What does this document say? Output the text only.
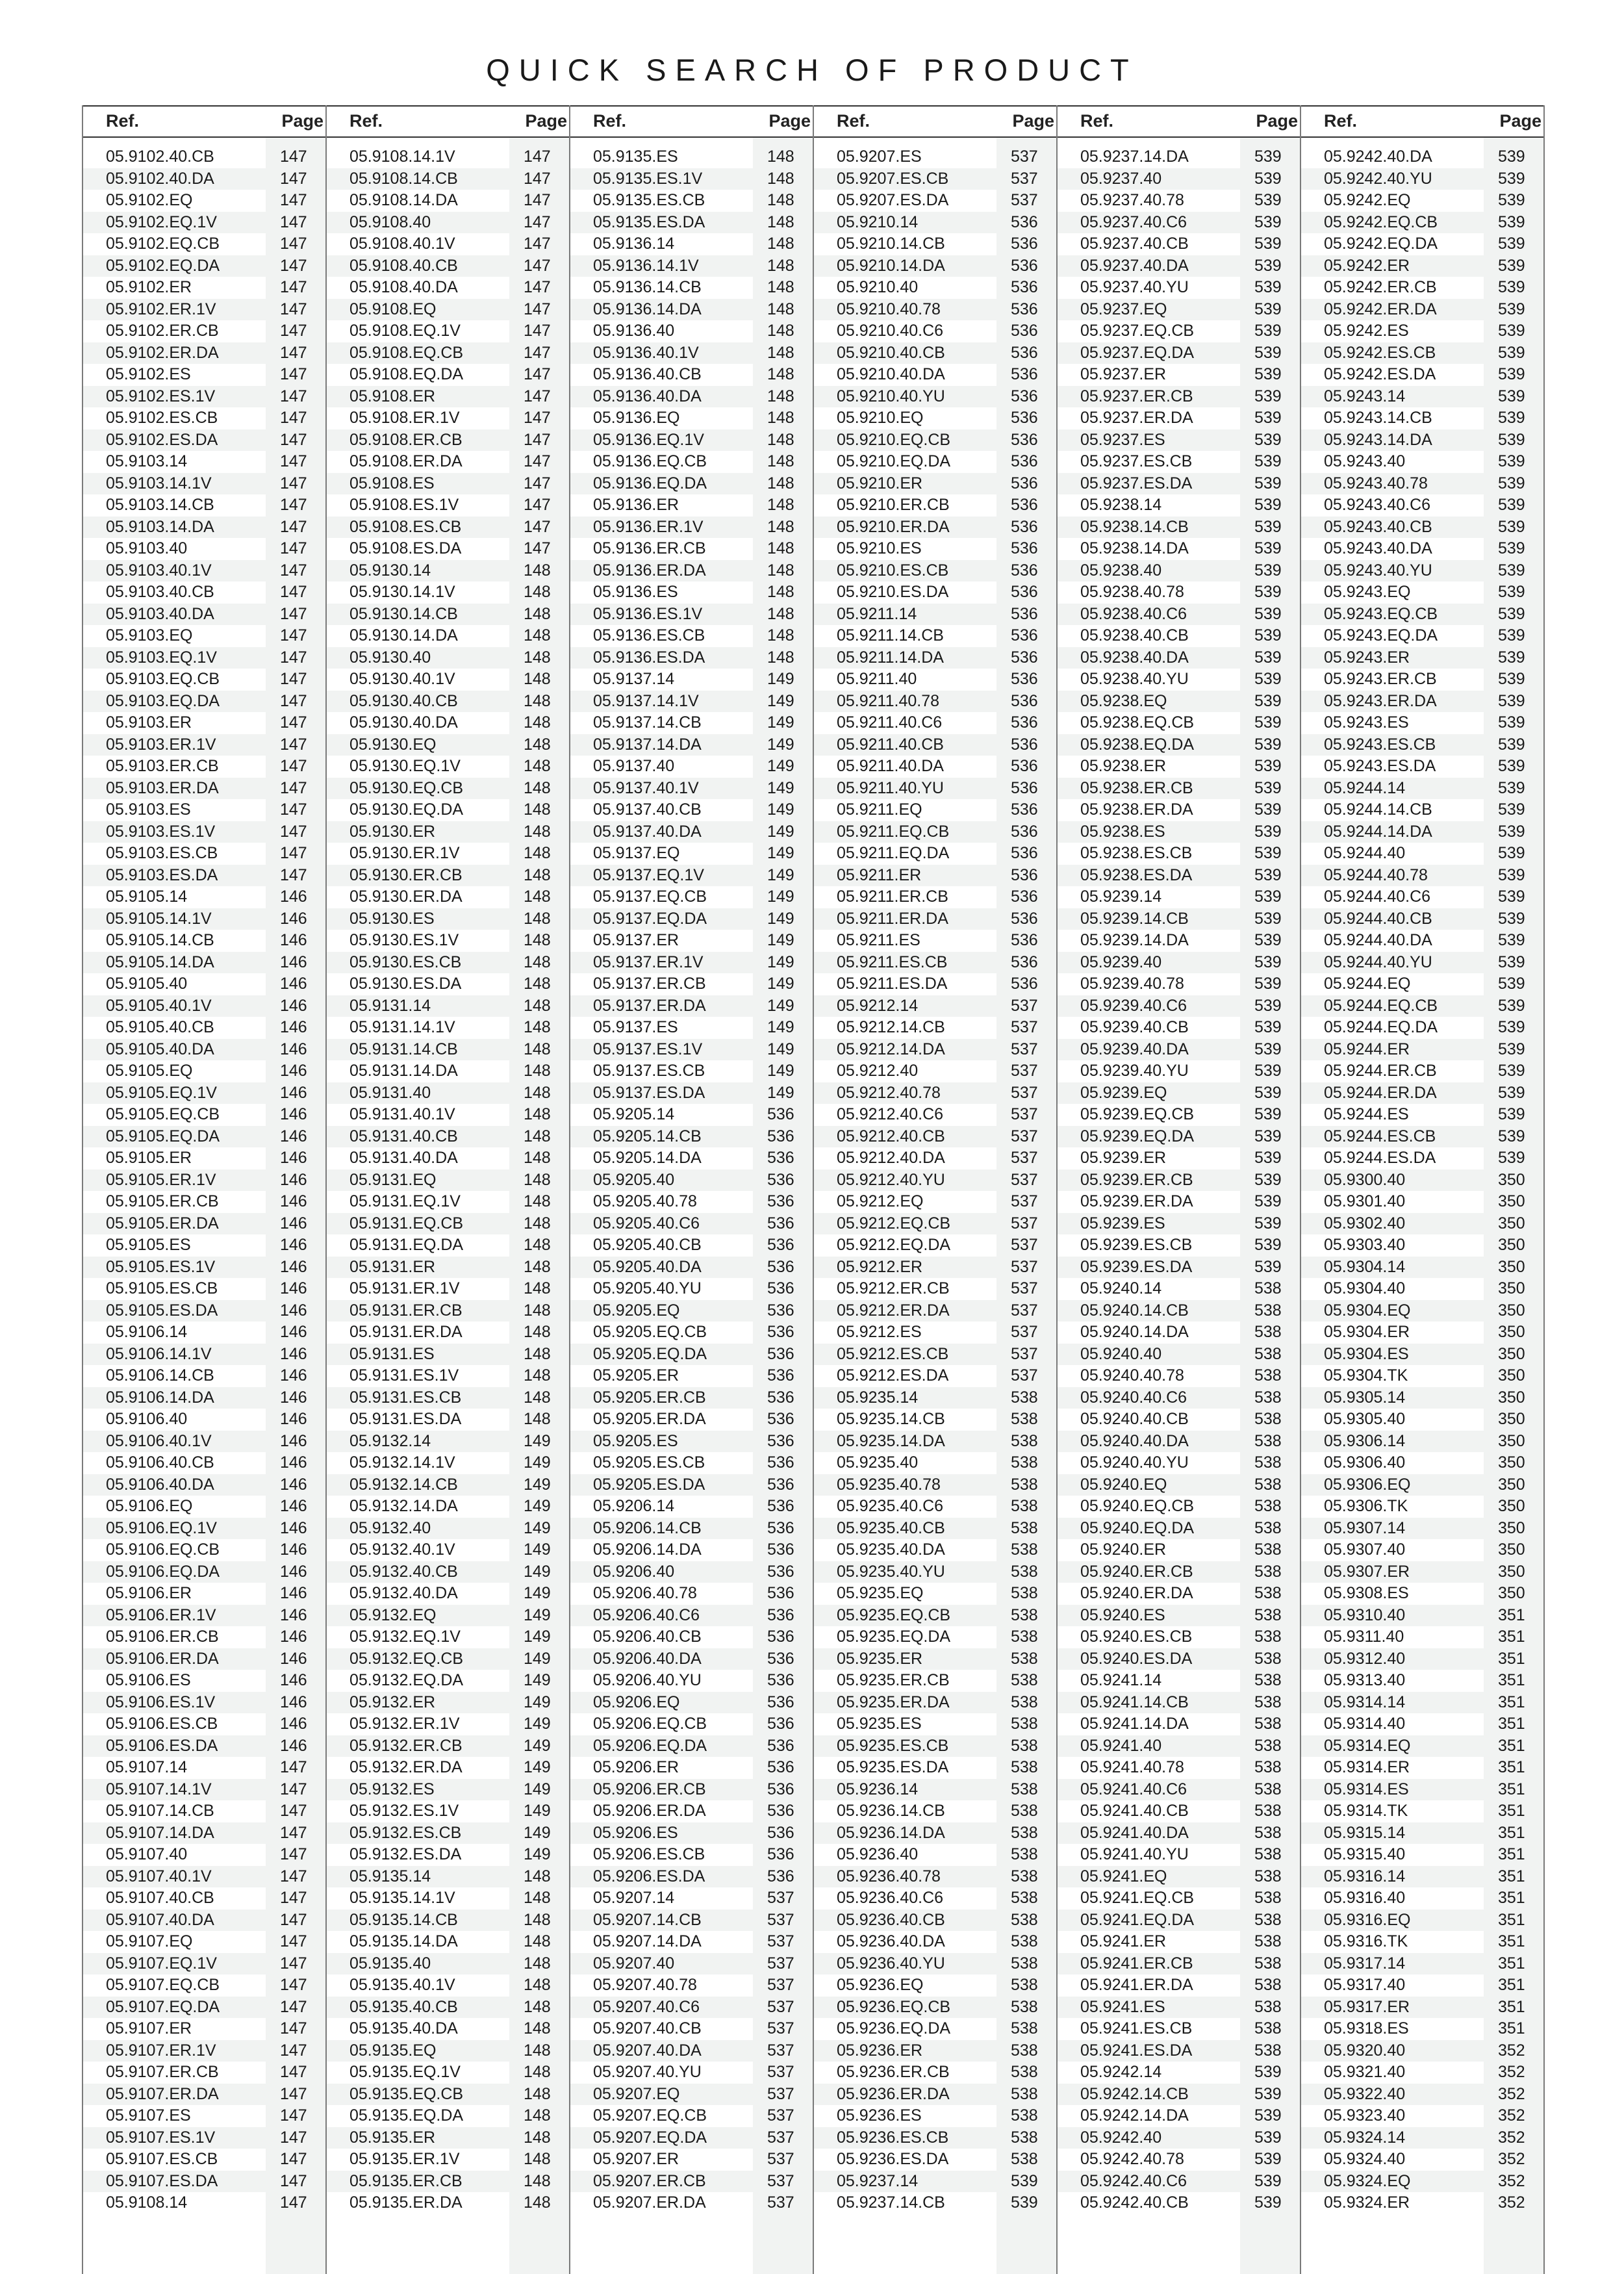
QUICK SEARCH OF PRODUCT
Ref.	Page
05.9102.40.CB	147
05.9102.40.DA	147
05.9102.EQ	147
05.9102.EQ.1V	147
05.9102.EQ.CB	147
05.9102.EQ.DA	147
05.9102.ER	147
05.9102.ER.1V	147
05.9102.ER.CB	147
05.9102.ER.DA	147
05.9102.ES	147
05.9102.ES.1V	147
05.9102.ES.CB	147
05.9102.ES.DA	147
05.9103.14	147
05.9103.14.1V	147
05.9103.14.CB	147
05.9103.14.DA	147
05.9103.40	147
05.9103.40.1V	147
05.9103.40.CB	147
05.9103.40.DA	147
05.9103.EQ	147
05.9103.EQ.1V	147
05.9103.EQ.CB	147
05.9103.EQ.DA	147
05.9103.ER	147
05.9103.ER.1V	147
05.9103.ER.CB	147
05.9103.ER.DA	147
05.9103.ES	147
05.9103.ES.1V	147
05.9103.ES.CB	147
05.9103.ES.DA	147
05.9105.14	146
05.9105.14.1V	146
05.9105.14.CB	146
05.9105.14.DA	146
05.9105.40	146
05.9105.40.1V	146
05.9105.40.CB	146
05.9105.40.DA	146
05.9105.EQ	146
05.9105.EQ.1V	146
05.9105.EQ.CB	146
05.9105.EQ.DA	146
05.9105.ER	146
05.9105.ER.1V	146
05.9105.ER.CB	146
05.9105.ER.DA	146
05.9105.ES	146
05.9105.ES.1V	146
05.9105.ES.CB	146
05.9105.ES.DA	146
05.9106.14	146
05.9106.14.1V	146
05.9106.14.CB	146
05.9106.14.DA	146
05.9106.40	146
05.9106.40.1V	146
05.9106.40.CB	146
05.9106.40.DA	146
05.9106.EQ	146
05.9106.EQ.1V	146
05.9106.EQ.CB	146
05.9106.EQ.DA	146
05.9106.ER	146
05.9106.ER.1V	146
05.9106.ER.CB	146
05.9106.ER.DA	146
05.9106.ES	146
05.9106.ES.1V	146
05.9106.ES.CB	146
05.9106.ES.DA	146
05.9107.14	147
05.9107.14.1V	147
05.9107.14.CB	147
05.9107.14.DA	147
05.9107.40	147
05.9107.40.1V	147
05.9107.40.CB	147
05.9107.40.DA	147
05.9107.EQ	147
05.9107.EQ.1V	147
05.9107.EQ.CB	147
05.9107.EQ.DA	147
05.9107.ER	147
05.9107.ER.1V	147
05.9107.ER.CB	147
05.9107.ER.DA	147
05.9107.ES	147
05.9107.ES.1V	147
05.9107.ES.CB	147
05.9107.ES.DA	147
05.9108.14	147
Ref.	Page
05.9108.14.1V	147
05.9108.14.CB	147
05.9108.14.DA	147
05.9108.40	147
05.9108.40.1V	147
05.9108.40.CB	147
05.9108.40.DA	147
05.9108.EQ	147
05.9108.EQ.1V	147
05.9108.EQ.CB	147
05.9108.EQ.DA	147
05.9108.ER	147
05.9108.ER.1V	147
05.9108.ER.CB	147
05.9108.ER.DA	147
05.9108.ES	147
05.9108.ES.1V	147
05.9108.ES.CB	147
05.9108.ES.DA	147
05.9130.14	148
05.9130.14.1V	148
05.9130.14.CB	148
05.9130.14.DA	148
05.9130.40	148
05.9130.40.1V	148
05.9130.40.CB	148
05.9130.40.DA	148
05.9130.EQ	148
05.9130.EQ.1V	148
05.9130.EQ.CB	148
05.9130.EQ.DA	148
05.9130.ER	148
05.9130.ER.1V	148
05.9130.ER.CB	148
05.9130.ER.DA	148
05.9130.ES	148
05.9130.ES.1V	148
05.9130.ES.CB	148
05.9130.ES.DA	148
05.9131.14	148
05.9131.14.1V	148
05.9131.14.CB	148
05.9131.14.DA	148
05.9131.40	148
05.9131.40.1V	148
05.9131.40.CB	148
05.9131.40.DA	148
05.9131.EQ	148
05.9131.EQ.1V	148
05.9131.EQ.CB	148
05.9131.EQ.DA	148
05.9131.ER	148
05.9131.ER.1V	148
05.9131.ER.CB	148
05.9131.ER.DA	148
05.9131.ES	148
05.9131.ES.1V	148
05.9131.ES.CB	148
05.9131.ES.DA	148
05.9132.14	149
05.9132.14.1V	149
05.9132.14.CB	149
05.9132.14.DA	149
05.9132.40	149
05.9132.40.1V	149
05.9132.40.CB	149
05.9132.40.DA	149
05.9132.EQ	149
05.9132.EQ.1V	149
05.9132.EQ.CB	149
05.9132.EQ.DA	149
05.9132.ER	149
05.9132.ER.1V	149
05.9132.ER.CB	149
05.9132.ER.DA	149
05.9132.ES	149
05.9132.ES.1V	149
05.9132.ES.CB	149
05.9132.ES.DA	149
05.9135.14	148
05.9135.14.1V	148
05.9135.14.CB	148
05.9135.14.DA	148
05.9135.40	148
05.9135.40.1V	148
05.9135.40.CB	148
05.9135.40.DA	148
05.9135.EQ	148
05.9135.EQ.1V	148
05.9135.EQ.CB	148
05.9135.EQ.DA	148
05.9135.ER	148
05.9135.ER.1V	148
05.9135.ER.CB	148
05.9135.ER.DA	148
Ref.	Page
05.9135.ES	148
05.9135.ES.1V	148
05.9135.ES.CB	148
05.9135.ES.DA	148
05.9136.14	148
05.9136.14.1V	148
05.9136.14.CB	148
05.9136.14.DA	148
05.9136.40	148
05.9136.40.1V	148
05.9136.40.CB	148
05.9136.40.DA	148
05.9136.EQ	148
05.9136.EQ.1V	148
05.9136.EQ.CB	148
05.9136.EQ.DA	148
05.9136.ER	148
05.9136.ER.1V	148
05.9136.ER.CB	148
05.9136.ER.DA	148
05.9136.ES	148
05.9136.ES.1V	148
05.9136.ES.CB	148
05.9136.ES.DA	148
05.9137.14	149
05.9137.14.1V	149
05.9137.14.CB	149
05.9137.14.DA	149
05.9137.40	149
05.9137.40.1V	149
05.9137.40.CB	149
05.9137.40.DA	149
05.9137.EQ	149
05.9137.EQ.1V	149
05.9137.EQ.CB	149
05.9137.EQ.DA	149
05.9137.ER	149
05.9137.ER.1V	149
05.9137.ER.CB	149
05.9137.ER.DA	149
05.9137.ES	149
05.9137.ES.1V	149
05.9137.ES.CB	149
05.9137.ES.DA	149
05.9205.14	536
05.9205.14.CB	536
05.9205.14.DA	536
05.9205.40	536
05.9205.40.78	536
05.9205.40.C6	536
05.9205.40.CB	536
05.9205.40.DA	536
05.9205.40.YU	536
05.9205.EQ	536
05.9205.EQ.CB	536
05.9205.EQ.DA	536
05.9205.ER	536
05.9205.ER.CB	536
05.9205.ER.DA	536
05.9205.ES	536
05.9205.ES.CB	536
05.9205.ES.DA	536
05.9206.14	536
05.9206.14.CB	536
05.9206.14.DA	536
05.9206.40	536
05.9206.40.78	536
05.9206.40.C6	536
05.9206.40.CB	536
05.9206.40.DA	536
05.9206.40.YU	536
05.9206.EQ	536
05.9206.EQ.CB	536
05.9206.EQ.DA	536
05.9206.ER	536
05.9206.ER.CB	536
05.9206.ER.DA	536
05.9206.ES	536
05.9206.ES.CB	536
05.9206.ES.DA	536
05.9207.14	537
05.9207.14.CB	537
05.9207.14.DA	537
05.9207.40	537
05.9207.40.78	537
05.9207.40.C6	537
05.9207.40.CB	537
05.9207.40.DA	537
05.9207.40.YU	537
05.9207.EQ	537
05.9207.EQ.CB	537
05.9207.EQ.DA	537
05.9207.ER	537
05.9207.ER.CB	537
05.9207.ER.DA	537
Ref.	Page
05.9207.ES	537
05.9207.ES.CB	537
05.9207.ES.DA	537
05.9210.14	536
05.9210.14.CB	536
05.9210.14.DA	536
05.9210.40	536
05.9210.40.78	536
05.9210.40.C6	536
05.9210.40.CB	536
05.9210.40.DA	536
05.9210.40.YU	536
05.9210.EQ	536
05.9210.EQ.CB	536
05.9210.EQ.DA	536
05.9210.ER	536
05.9210.ER.CB	536
05.9210.ER.DA	536
05.9210.ES	536
05.9210.ES.CB	536
05.9210.ES.DA	536
05.9211.14	536
05.9211.14.CB	536
05.9211.14.DA	536
05.9211.40	536
05.9211.40.78	536
05.9211.40.C6	536
05.9211.40.CB	536
05.9211.40.DA	536
05.9211.40.YU	536
05.9211.EQ	536
05.9211.EQ.CB	536
05.9211.EQ.DA	536
05.9211.ER	536
05.9211.ER.CB	536
05.9211.ER.DA	536
05.9211.ES	536
05.9211.ES.CB	536
05.9211.ES.DA	536
05.9212.14	537
05.9212.14.CB	537
05.9212.14.DA	537
05.9212.40	537
05.9212.40.78	537
05.9212.40.C6	537
05.9212.40.CB	537
05.9212.40.DA	537
05.9212.40.YU	537
05.9212.EQ	537
05.9212.EQ.CB	537
05.9212.EQ.DA	537
05.9212.ER	537
05.9212.ER.CB	537
05.9212.ER.DA	537
05.9212.ES	537
05.9212.ES.CB	537
05.9212.ES.DA	537
05.9235.14	538
05.9235.14.CB	538
05.9235.14.DA	538
05.9235.40	538
05.9235.40.78	538
05.9235.40.C6	538
05.9235.40.CB	538
05.9235.40.DA	538
05.9235.40.YU	538
05.9235.EQ	538
05.9235.EQ.CB	538
05.9235.EQ.DA	538
05.9235.ER	538
05.9235.ER.CB	538
05.9235.ER.DA	538
05.9235.ES	538
05.9235.ES.CB	538
05.9235.ES.DA	538
05.9236.14	538
05.9236.14.CB	538
05.9236.14.DA	538
05.9236.40	538
05.9236.40.78	538
05.9236.40.C6	538
05.9236.40.CB	538
05.9236.40.DA	538
05.9236.40.YU	538
05.9236.EQ	538
05.9236.EQ.CB	538
05.9236.EQ.DA	538
05.9236.ER	538
05.9236.ER.CB	538
05.9236.ER.DA	538
05.9236.ES	538
05.9236.ES.CB	538
05.9236.ES.DA	538
05.9237.14	539
05.9237.14.CB	539
Ref.	Page
05.9237.14.DA	539
05.9237.40	539
05.9237.40.78	539
05.9237.40.C6	539
05.9237.40.CB	539
05.9237.40.DA	539
05.9237.40.YU	539
05.9237.EQ	539
05.9237.EQ.CB	539
05.9237.EQ.DA	539
05.9237.ER	539
05.9237.ER.CB	539
05.9237.ER.DA	539
05.9237.ES	539
05.9237.ES.CB	539
05.9237.ES.DA	539
05.9238.14	539
05.9238.14.CB	539
05.9238.14.DA	539
05.9238.40	539
05.9238.40.78	539
05.9238.40.C6	539
05.9238.40.CB	539
05.9238.40.DA	539
05.9238.40.YU	539
05.9238.EQ	539
05.9238.EQ.CB	539
05.9238.EQ.DA	539
05.9238.ER	539
05.9238.ER.CB	539
05.9238.ER.DA	539
05.9238.ES	539
05.9238.ES.CB	539
05.9238.ES.DA	539
05.9239.14	539
05.9239.14.CB	539
05.9239.14.DA	539
05.9239.40	539
05.9239.40.78	539
05.9239.40.C6	539
05.9239.40.CB	539
05.9239.40.DA	539
05.9239.40.YU	539
05.9239.EQ	539
05.9239.EQ.CB	539
05.9239.EQ.DA	539
05.9239.ER	539
05.9239.ER.CB	539
05.9239.ER.DA	539
05.9239.ES	539
05.9239.ES.CB	539
05.9239.ES.DA	539
05.9240.14	538
05.9240.14.CB	538
05.9240.14.DA	538
05.9240.40	538
05.9240.40.78	538
05.9240.40.C6	538
05.9240.40.CB	538
05.9240.40.DA	538
05.9240.40.YU	538
05.9240.EQ	538
05.9240.EQ.CB	538
05.9240.EQ.DA	538
05.9240.ER	538
05.9240.ER.CB	538
05.9240.ER.DA	538
05.9240.ES	538
05.9240.ES.CB	538
05.9240.ES.DA	538
05.9241.14	538
05.9241.14.CB	538
05.9241.14.DA	538
05.9241.40	538
05.9241.40.78	538
05.9241.40.C6	538
05.9241.40.CB	538
05.9241.40.DA	538
05.9241.40.YU	538
05.9241.EQ	538
05.9241.EQ.CB	538
05.9241.EQ.DA	538
05.9241.ER	538
05.9241.ER.CB	538
05.9241.ER.DA	538
05.9241.ES	538
05.9241.ES.CB	538
05.9241.ES.DA	538
05.9242.14	539
05.9242.14.CB	539
05.9242.14.DA	539
05.9242.40	539
05.9242.40.78	539
05.9242.40.C6	539
05.9242.40.CB	539
Ref.	Page
05.9242.40.DA	539
05.9242.40.YU	539
05.9242.EQ	539
05.9242.EQ.CB	539
05.9242.EQ.DA	539
05.9242.ER	539
05.9242.ER.CB	539
05.9242.ER.DA	539
05.9242.ES	539
05.9242.ES.CB	539
05.9242.ES.DA	539
05.9243.14	539
05.9243.14.CB	539
05.9243.14.DA	539
05.9243.40	539
05.9243.40.78	539
05.9243.40.C6	539
05.9243.40.CB	539
05.9243.40.DA	539
05.9243.40.YU	539
05.9243.EQ	539
05.9243.EQ.CB	539
05.9243.EQ.DA	539
05.9243.ER	539
05.9243.ER.CB	539
05.9243.ER.DA	539
05.9243.ES	539
05.9243.ES.CB	539
05.9243.ES.DA	539
05.9244.14	539
05.9244.14.CB	539
05.9244.14.DA	539
05.9244.40	539
05.9244.40.78	539
05.9244.40.C6	539
05.9244.40.CB	539
05.9244.40.DA	539
05.9244.40.YU	539
05.9244.EQ	539
05.9244.EQ.CB	539
05.9244.EQ.DA	539
05.9244.ER	539
05.9244.ER.CB	539
05.9244.ER.DA	539
05.9244.ES	539
05.9244.ES.CB	539
05.9244.ES.DA	539
05.9300.40	350
05.9301.40	350
05.9302.40	350
05.9303.40	350
05.9304.14	350
05.9304.40	350
05.9304.EQ	350
05.9304.ER	350
05.9304.ES	350
05.9304.TK	350
05.9305.14	350
05.9305.40	350
05.9306.14	350
05.9306.40	350
05.9306.EQ	350
05.9306.TK	350
05.9307.14	350
05.9307.40	350
05.9307.ER	350
05.9308.ES	350
05.9310.40	351
05.9311.40	351
05.9312.40	351
05.9313.40	351
05.9314.14	351
05.9314.40	351
05.9314.EQ	351
05.9314.ER	351
05.9314.ES	351
05.9314.TK	351
05.9315.14	351
05.9315.40	351
05.9316.14	351
05.9316.40	351
05.9316.EQ	351
05.9316.TK	351
05.9317.14	351
05.9317.40	351
05.9317.ER	351
05.9318.ES	351
05.9320.40	352
05.9321.40	352
05.9322.40	352
05.9323.40	352
05.9324.14	352
05.9324.40	352
05.9324.EQ	352
05.9324.ER	352
